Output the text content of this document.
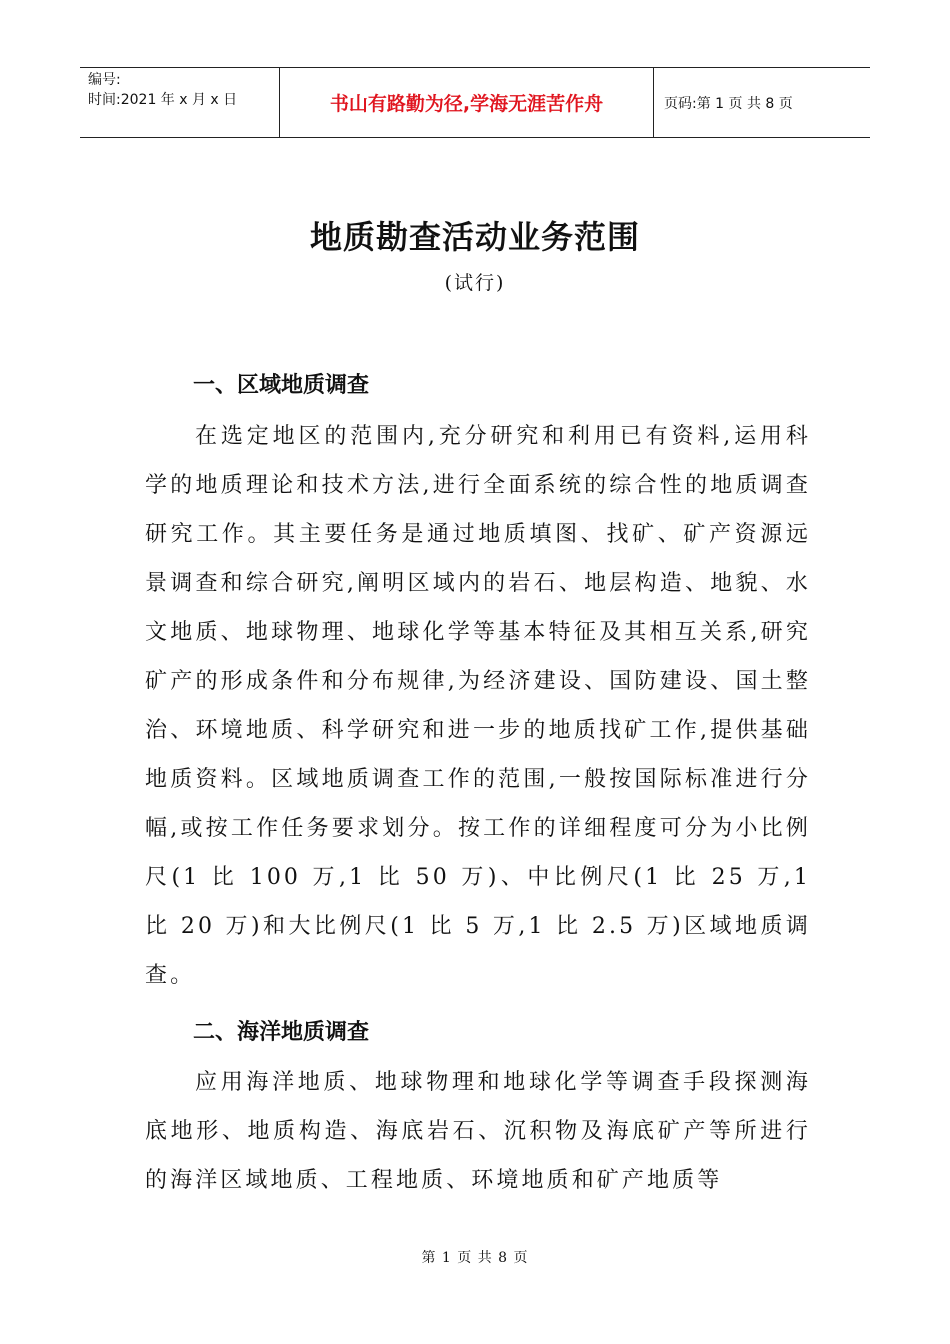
编号:
时间:2021 年 x 月 x 日	书山有路勤为径,学海无涯苦作舟	页码:第 1 页 共 8 页
地质勘查活动业务范围
(试行)
一、区域地质调查

在选定地区的范围内,充分研究和利用已有资料,运用科学的地质理论和技术方法,进行全面系统的综合性的地质调查研究工作。其主要任务是通过地质填图、找矿、矿产资源远景调查和综合研究,阐明区域内的岩石、地层构造、地貌、水文地质、地球物理、地球化学等基本特征及其相互关系,研究矿产的形成条件和分布规律,为经济建设、国防建设、国土整治、环境地质、科学研究和进一步的地质找矿工作,提供基础地质资料。区域地质调查工作的范围,一般按国际标准进行分幅,或按工作任务要求划分。按工作的详细程度可分为小比例尺(1 比 100 万,1 比 50 万)、中比例尺(1 比 25 万,1 比 20 万)和大比例尺(1 比 5 万,1 比 2.5 万)区域地质调查。

二、海洋地质调查

应用海洋地质、地球物理和地球化学等调查手段探测海底地形、地质构造、海底岩石、沉积物及海底矿产等所进行的海洋区域地质、工程地质、环境地质和矿产地质等

第 1 页 共 8 页
